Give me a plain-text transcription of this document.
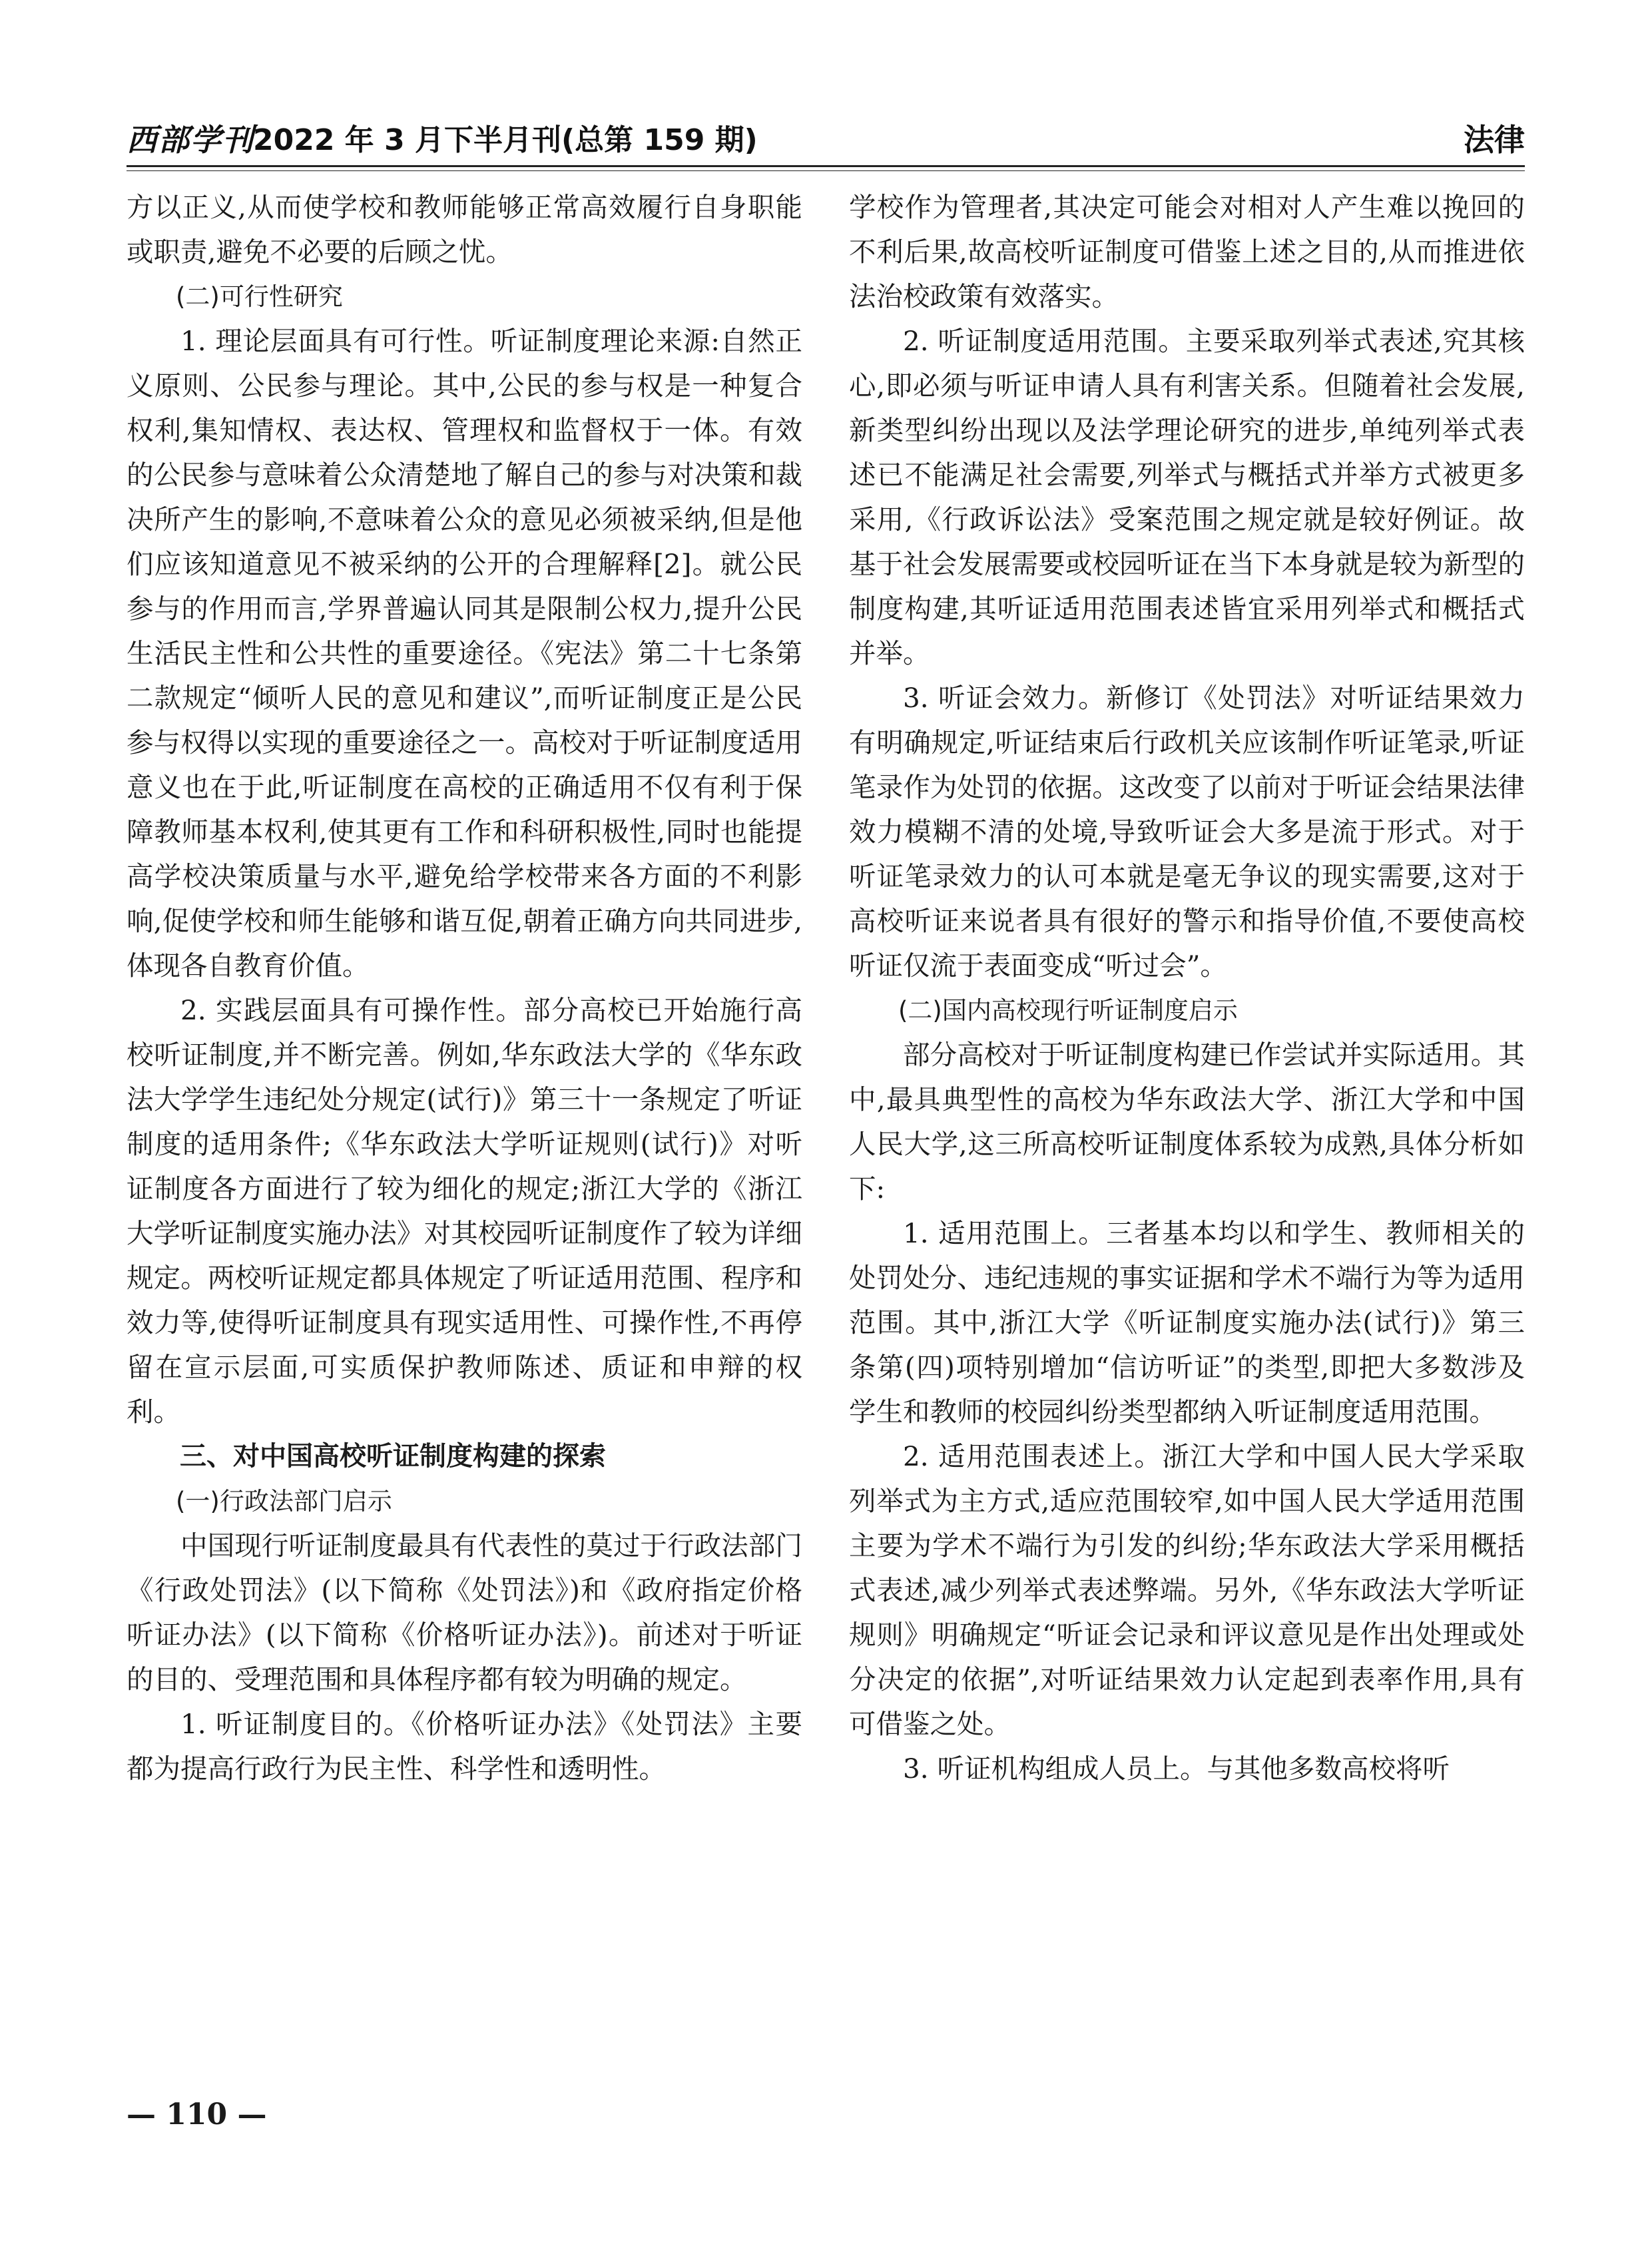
西部学刊
2022 年 3 月下半月刊(总第 159 期)	法律

方以正义,从而使学校和教师能够正常高效履行自身职能或职责,避免不必要的后顾之忧。

(二)可行性研究

1. 理论层面具有可行性。听证制度理论来源:自然正义原则、公民参与理论。其中,公民的参与权是一种复合权利,集知情权、表达权、管理权和监督权于一体。有效的公民参与意味着公众清楚地了解自己的参与对决策和裁决所产生的影响,不意味着公众的意见必须被采纳,但是他们应该知道意见不被采纳的公开的合理解释[2]。就公民参与的作用而言,学界普遍认同其是限制公权力,提升公民生活民主性和公共性的重要途径。《宪法》第二十七条第二款规定“倾听人民的意见和建议”,而听证制度正是公民参与权得以实现的重要途径之一。高校对于听证制度适用意义也在于此,听证制度在高校的正确适用不仅有利于保障教师基本权利,使其更有工作和科研积极性,同时也能提高学校决策质量与水平,避免给学校带来各方面的不利影响,促使学校和师生能够和谐互促,朝着正确方向共同进步,体现各自教育价值。

2. 实践层面具有可操作性。部分高校已开始施行高校听证制度,并不断完善。例如,华东政法大学的《华东政法大学学生违纪处分规定(试行)》第三十一条规定了听证制度的适用条件;《华东政法大学听证规则(试行)》对听证制度各方面进行了较为细化的规定;浙江大学的《浙江大学听证制度实施办法》对其校园听证制度作了较为详细规定。两校听证规定都具体规定了听证适用范围、程序和效力等,使得听证制度具有现实适用性、可操作性,不再停留在宣示层面,可实质保护教师陈述、质证和申辩的权利。

三、对中国高校听证制度构建的探索

(一)行政法部门启示

中国现行听证制度最具有代表性的莫过于行政法部门《行政处罚法》(以下简称《处罚法》)和《政府指定价格听证办法》(以下简称《价格听证办法》)。前述对于听证的目的、受理范围和具体程序都有较为明确的规定。

1. 听证制度目的。《价格听证办法》《处罚法》主要都为提高行政行为民主性、科学性和透明性。

学校作为管理者,其决定可能会对相对人产生难以挽回的不利后果,故高校听证制度可借鉴上述之目的,从而推进依法治校政策有效落实。

2. 听证制度适用范围。主要采取列举式表述,究其核心,即必须与听证申请人具有利害关系。但随着社会发展,新类型纠纷出现以及法学理论研究的进步,单纯列举式表述已不能满足社会需要,列举式与概括式并举方式被更多采用,《行政诉讼法》受案范围之规定就是较好例证。故基于社会发展需要或校园听证在当下本身就是较为新型的制度构建,其听证适用范围表述皆宜采用列举式和概括式并举。

3. 听证会效力。新修订《处罚法》对听证结果效力有明确规定,听证结束后行政机关应该制作听证笔录,听证笔录作为处罚的依据。这改变了以前对于听证会结果法律效力模糊不清的处境,导致听证会大多是流于形式。对于听证笔录效力的认可本就是毫无争议的现实需要,这对于高校听证来说者具有很好的警示和指导价值,不要使高校听证仅流于表面变成“听过会”。

(二)国内高校现行听证制度启示

部分高校对于听证制度构建已作尝试并实际适用。其中,最具典型性的高校为华东政法大学、浙江大学和中国人民大学,这三所高校听证制度体系较为成熟,具体分析如下:

1. 适用范围上。三者基本均以和学生、教师相关的处罚处分、违纪违规的事实证据和学术不端行为等为适用范围。其中,浙江大学《听证制度实施办法(试行)》第三条第(四)项特别增加“信访听证”的类型,即把大多数涉及学生和教师的校园纠纷类型都纳入听证制度适用范围。

2. 适用范围表述上。浙江大学和中国人民大学采取列举式为主方式,适应范围较窄,如中国人民大学适用范围主要为学术不端行为引发的纠纷;华东政法大学采用概括式表述,减少列举式表述弊端。另外,《华东政法大学听证规则》明确规定“听证会记录和评议意见是作出处理或处分决定的依据”,对听证结果效力认定起到表率作用,具有可借鉴之处。

3. 听证机构组成人员上。与其他多数高校将听

— 110 —
